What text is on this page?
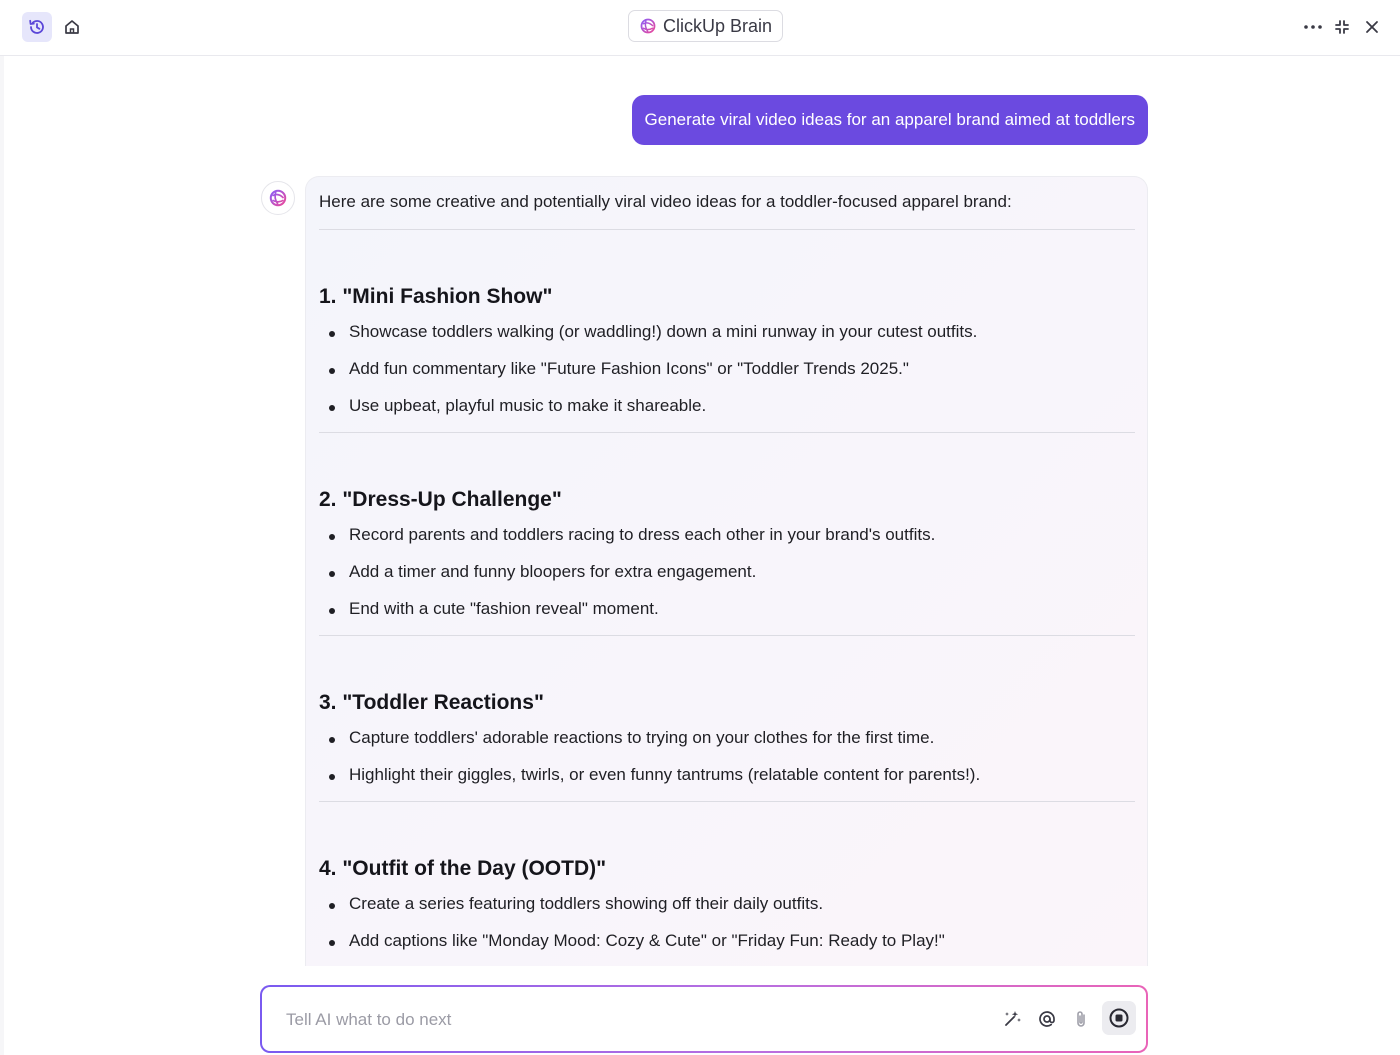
ClickUp Brain
Generate viral video ideas for an apparel brand aimed at toddlers
Here are some creative and potentially viral video ideas for a toddler-focused apparel brand:
1. "Mini Fashion Show"
Showcase toddlers walking (or waddling!) down a mini runway in your cutest outfits.
Add fun commentary like "Future Fashion Icons" or "Toddler Trends 2025."
Use upbeat, playful music to make it shareable.
2. "Dress-Up Challenge"
Record parents and toddlers racing to dress each other in your brand's outfits.
Add a timer and funny bloopers for extra engagement.
End with a cute "fashion reveal" moment.
3. "Toddler Reactions"
Capture toddlers' adorable reactions to trying on your clothes for the first time.
Highlight their giggles, twirls, or even funny tantrums (relatable content for parents!).
4. "Outfit of the Day (OOTD)"
Create a series featuring toddlers showing off their daily outfits.
Add captions like "Monday Mood: Cozy & Cute" or "Friday Fun: Ready to Play!"
Tell AI what to do next
